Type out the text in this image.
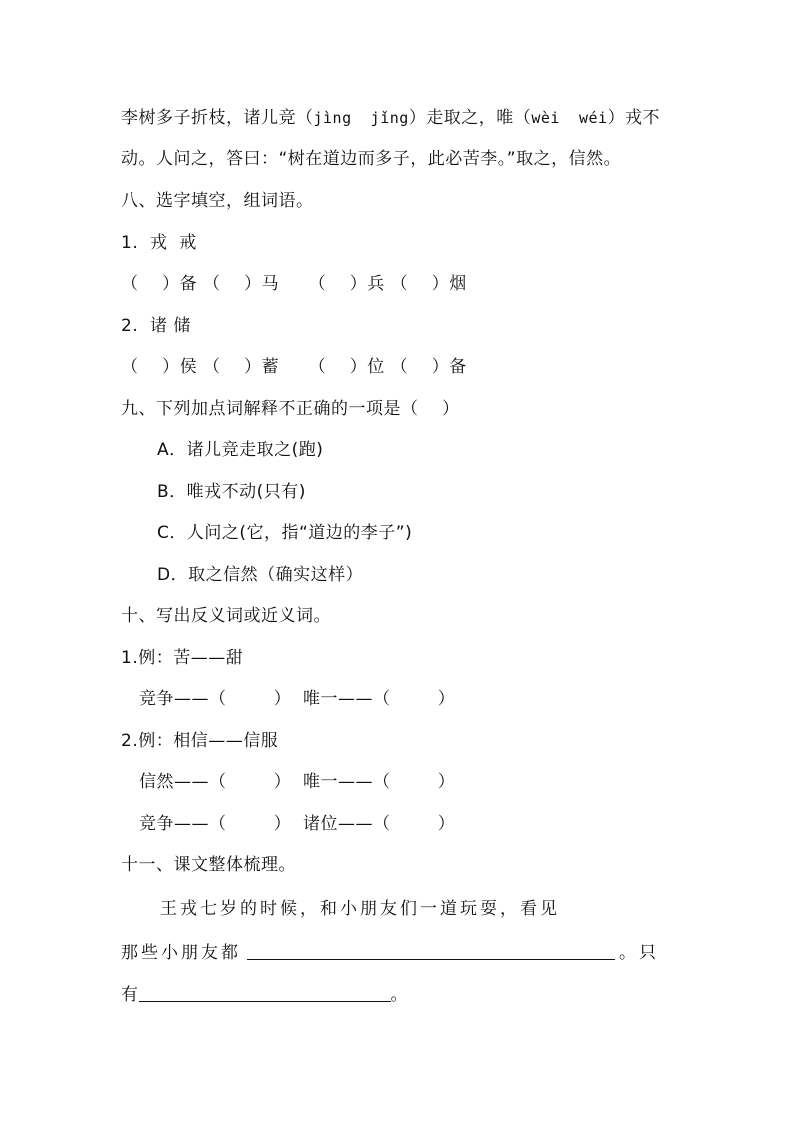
李树多子折枝，诸儿竞（jìng  jǐng）走取之，唯（wèi  wéi）戎不
动。人问之，答曰：“树在道边而多子，此必苦李。”取之，信然。
八、选字填空，组词语。
1.  戎  戒
（    ）备 （    ）马     （    ）兵 （    ）烟
2.  诸 储
（    ）侯 （    ）蓄     （    ）位 （    ）备
九、下列加点词解释不正确的一项是（    ）
A．诸儿竞走取之(跑)
B．唯戎不动(只有)
C．人问之(它，指“道边的李子”)
D．取之信然（确实这样）
十、写出反义词或近义词。
1.例：苦——甜
竞争——（        ）  唯一——（        ）
2.例：相信——信服
信然——（        ）  唯一——（        ）
竞争——（        ）  诸位——（        ）
十一、课文整体梳理。
王戎七岁的时候，和小朋友们一道玩耍，看见
那些小朋友都	。只
有	。
